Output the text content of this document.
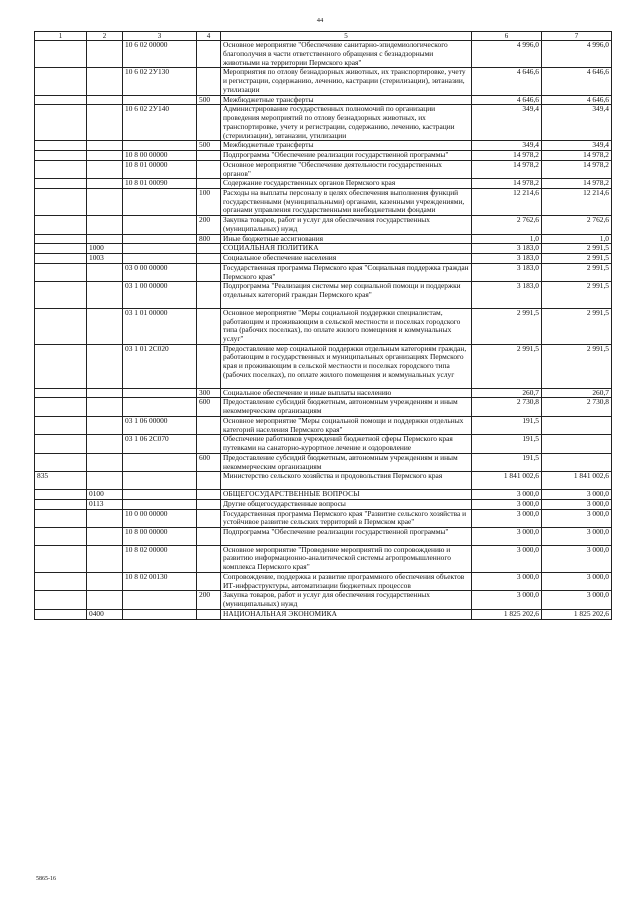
44
1	2	3	4	5	6	7
		10 6 02 00000		Основное мероприятие "Обеспечение санитарно-эпидемиологического благополучия в части ответственного обращения с безнадзорными животными на территории Пермского края"	4 996,0	4 996,0
		10 6 02 2У130		Мероприятия по отлову безнадзорных животных, их транспортировке, учету и регистрации, содержанию, лечению, кастрации (стерилизации), эвтаназии, утилизации	4 646,6	4 646,6
			500	Межбюджетные трансферты	4 646,6	4 646,6
		10 6 02 2У140		Администрирование государственных полномочий по организации проведения мероприятий по отлову безнадзорных животных, их транспортировке, учету и регистрации, содержанию, лечению, кастрации (стерилизации), эвтаназии, утилизации	349,4	349,4
			500	Межбюджетные трансферты	349,4	349,4
		10 8 00 00000		Подпрограмма "Обеспечение реализации государственной программы"	14 978,2	14 978,2
		10 8 01 00000		Основное мероприятие "Обеспечение деятельности государственных органов"	14 978,2	14 978,2
		10 8 01 00090		Содержание государственных органов Пермского края	14 978,2	14 978,2
			100	Расходы на выплаты персоналу в целях обеспечения выполнения функций государственными (муниципальными) органами, казенными учреждениями, органами управления государственными внебюджетными фондами	12 214,6	12 214,6
			200	Закупка товаров, работ и услуг для обеспечения государственных (муниципальных) нужд	2 762,6	2 762,6
			800	Иные бюджетные ассигнования	1,0	1,0
	1000			СОЦИАЛЬНАЯ ПОЛИТИКА	3 183,0	2 991,5
	1003			Социальное обеспечение населения	3 183,0	2 991,5
		03 0 00 00000		Государственная программа Пермского края "Социальная поддержка граждан Пермского края"	3 183,0	2 991,5
		03 1 00 00000		Подпрограмма "Реализация системы мер социальной помощи и поддержки отдельных категорий граждан Пермского края"	3 183,0	2 991,5
		03 1 01 00000		Основное мероприятие "Меры социальной поддержки специалистам, работающим и проживающим в сельской местности и поселках городского типа (рабочих поселках), по оплате жилого помещения и коммунальных услуг"	2 991,5	2 991,5
		03 1 01 2С020		Предоставление мер социальной поддержки отдельным категориям граждан, работающим в государственных и муниципальных организациях Пермского края и проживающим в сельской местности и поселках городского типа (рабочих поселках), по оплате жилого помещения и коммунальных услуг	2 991,5	2 991,5
			300	Социальное обеспечение и иные выплаты населению	260,7	260,7
			600	Предоставление субсидий бюджетным, автономным учреждениям и иным некоммерческим организациям	2 730,8	2 730,8
		03 1 06 00000		Основное мероприятие "Меры социальной помощи и поддержки отдельных категорий населения Пермского края"	191,5	
		03 1 06 2С070		Обеспечение работников учреждений бюджетной сферы Пермского края путевками на санаторно-курортное лечение и оздоровление	191,5	
			600	Предоставление субсидий бюджетным, автономным учреждениям и иным некоммерческим организациям	191,5	
835				Министерство сельского хозяйства и продовольствия Пермского края	1 841 002,6	1 841 002,6
	0100			ОБЩЕГОСУДАРСТВЕННЫЕ ВОПРОСЫ	3 000,0	3 000,0
	0113			Другие общегосударственные вопросы	3 000,0	3 000,0
		10 0 00 00000		Государственная программа Пермского края "Развитие сельского хозяйства и устойчивое развитие сельских территорий в Пермском крае"	3 000,0	3 000,0
		10 8 00 00000		Подпрограмма "Обеспечение реализации государственной программы"	3 000,0	3 000,0
		10 8 02 00000		Основное мероприятие "Проведение мероприятий по сопровождению и развитию информационно-аналитической системы агропромышленного комплекса Пермского края"	3 000,0	3 000,0
		10 8 02 00130		Сопровождение, поддержка и развитие программного обеспечения объектов ИТ-инфраструктуры, автоматизации бюджетных процессов	3 000,0	3 000,0
			200	Закупка товаров, работ и услуг для обеспечения государственных (муниципальных) нужд	3 000,0	3 000,0
	0400			НАЦИОНАЛЬНАЯ ЭКОНОМИКА	1 825 202,6	1 825 202,6
5865-16
